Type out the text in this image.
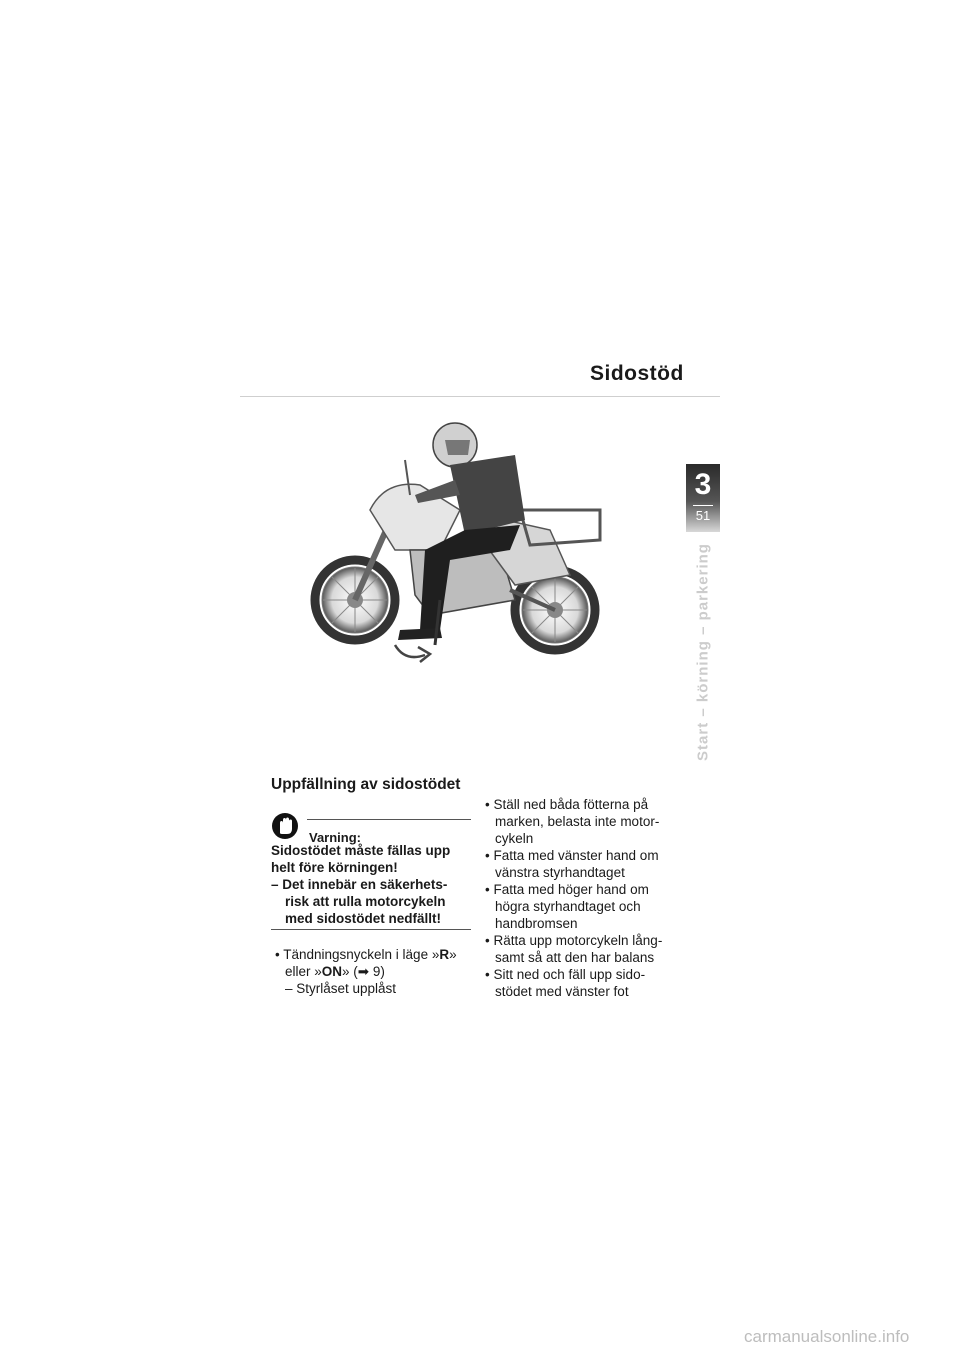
Sidostöd
3
51
Start – körning – parkering
Uppfällning av sidostödet
Varning:
Sidostödet måste fällas upp helt före körningen!
– Det innebär en säkerhets-risk att rulla motorcykeln med sidostödet nedfällt!
• Tändningsnyckeln i läge »R» eller »ON» (➡ 9)
– Styrlåset upplåst
• Ställ ned båda fötterna på marken, belasta inte motor-cykeln
• Fatta med vänster hand om vänstra styrhandtaget
• Fatta med höger hand om högra styrhandtaget och handbromsen
• Rätta upp motorcykeln lång-samt så att den har balans
• Sitt ned och fäll upp sido-stödet med vänster fot
carmanualsonline.info
